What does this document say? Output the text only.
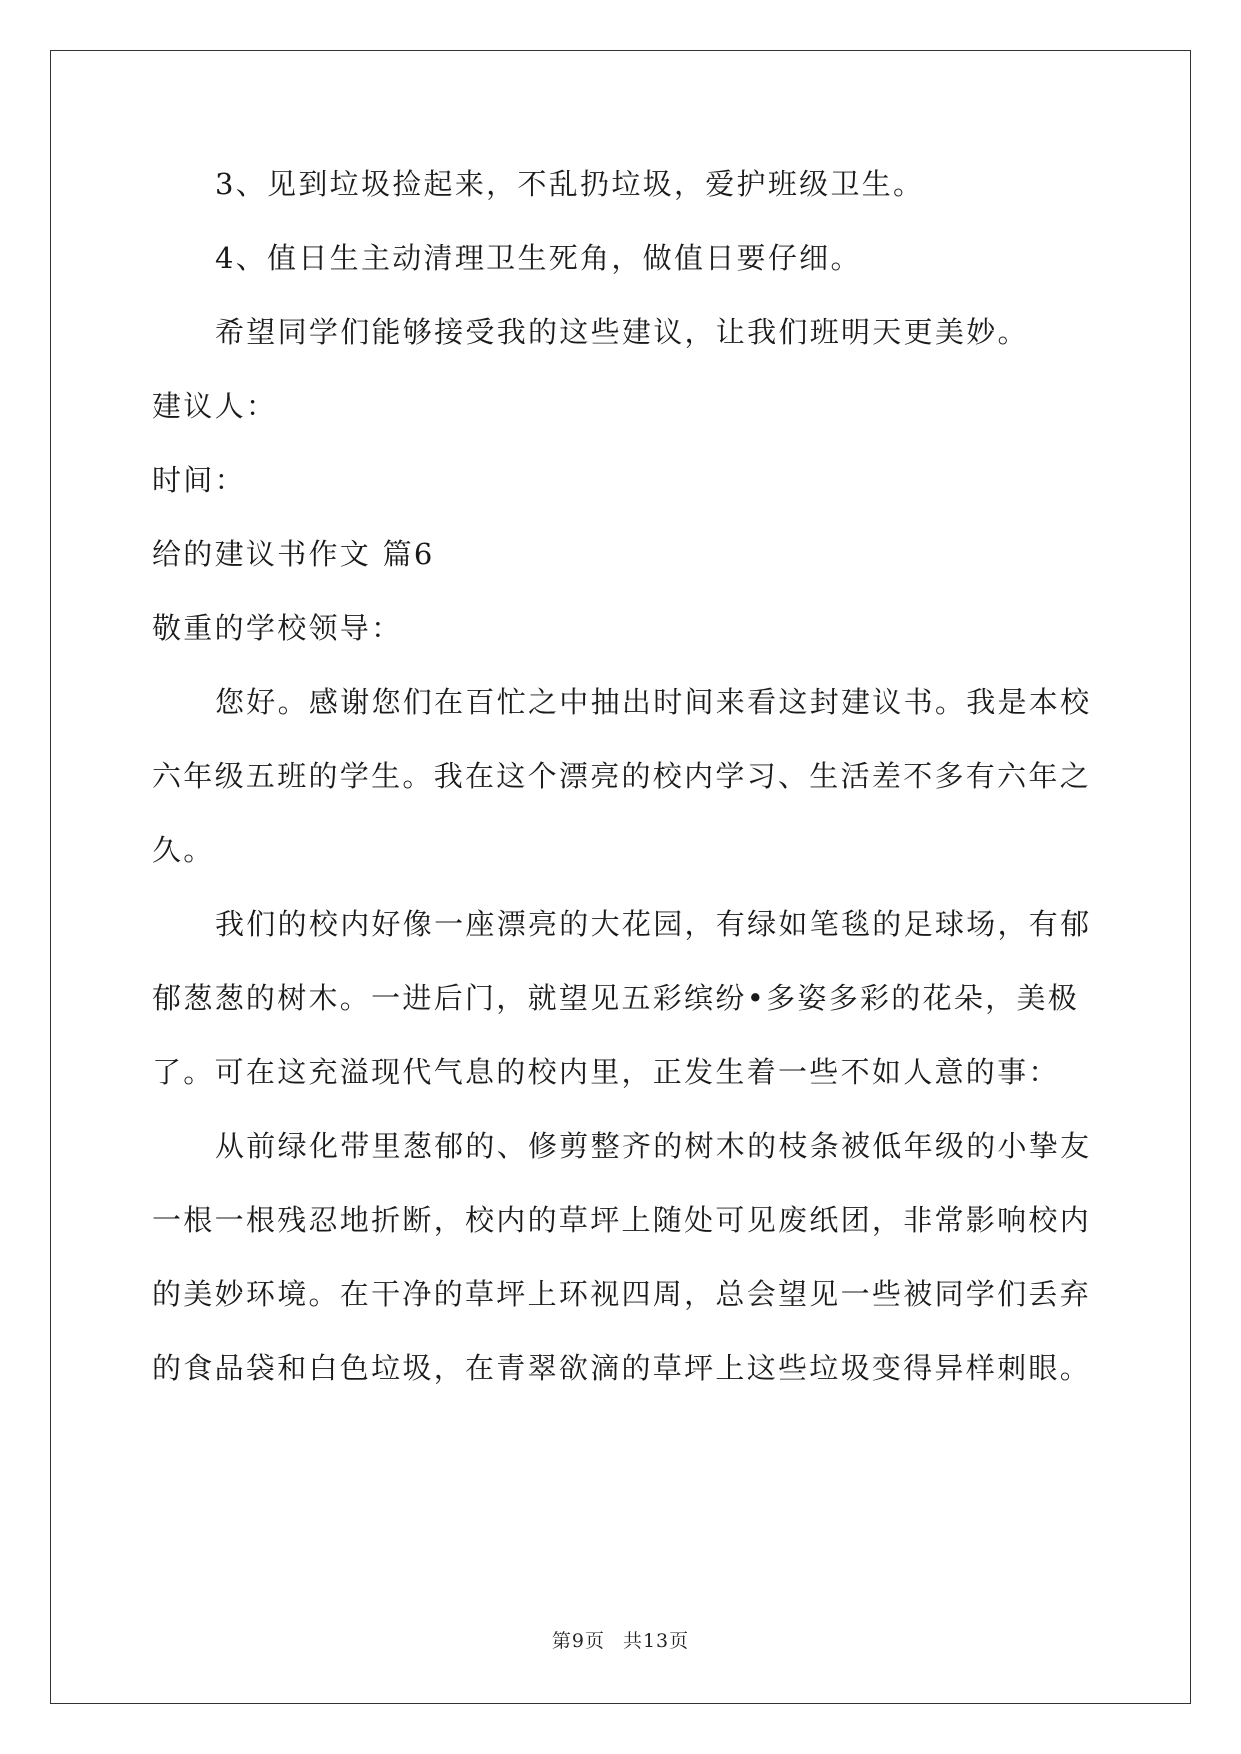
3、见到垃圾捡起来，不乱扔垃圾，爱护班级卫生。

4、值日生主动清理卫生死角，做值日要仔细。

希望同学们能够接受我的这些建议，让我们班明天更美妙。

建议人：

时间：

给的建议书作文 篇6

敬重的学校领导：

您好。感谢您们在百忙之中抽出时间来看这封建议书。我是本校

六年级五班的学生。我在这个漂亮的校内学习、生活差不多有六年之

久。

我们的校内好像一座漂亮的大花园，有绿如笔毯的足球场，有郁

郁葱葱的树木。一进后门，就望见五彩缤纷•多姿多彩的花朵，美极

了。可在这充溢现代气息的校内里，正发生着一些不如人意的事：

从前绿化带里葱郁的、修剪整齐的树木的枝条被低年级的小挚友

一根一根残忍地折断，校内的草坪上随处可见废纸团，非常影响校内

的美妙环境。在干净的草坪上环视四周，总会望见一些被同学们丢弃

的食品袋和白色垃圾，在青翠欲滴的草坪上这些垃圾变得异样刺眼。

第9页 共13页
